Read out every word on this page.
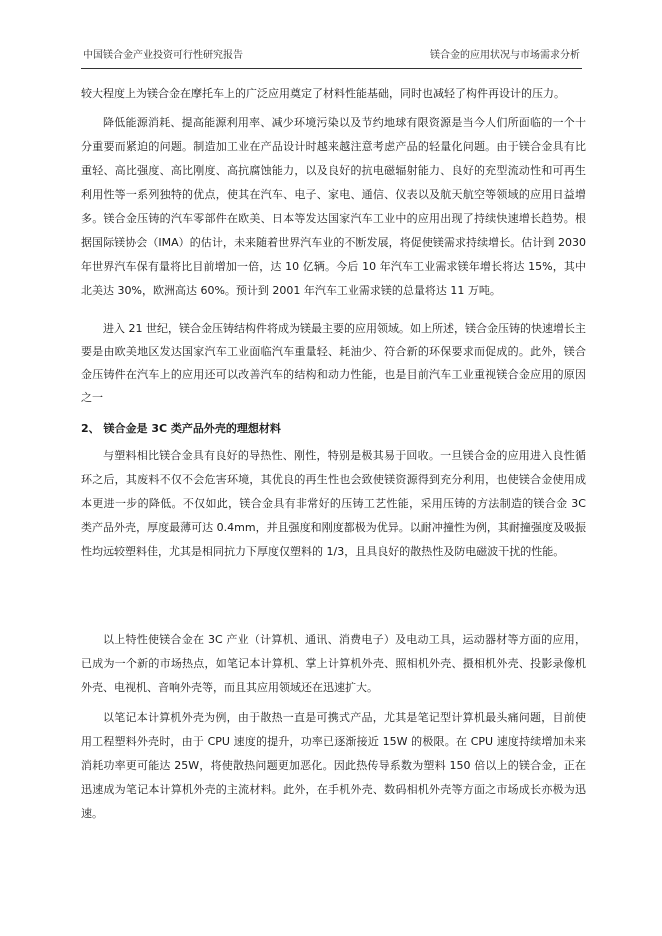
中国镁合金产业投资可行性研究报告	镁合金的应用状况与市场需求分析

较大程度上为镁合金在摩托车上的广泛应用奠定了材料性能基础，同时也减轻了构件再设计的压力。

降低能源消耗、提高能源利用率、减少环境污染以及节约地球有限资源是当今人们所面临的一个十分重要而紧迫的问题。制造加工业在产品设计时越来越注意考虑产品的轻量化问题。由于镁合金具有比重轻、高比强度、高比刚度、高抗腐蚀能力，以及良好的抗电磁辐射能力、良好的充型流动性和可再生利用性等一系列独特的优点，使其在汽车、电子、家电、通信、仪表以及航天航空等领域的应用日益增多。镁合金压铸的汽车零部件在欧美、日本等发达国家汽车工业中的应用出现了持续快速增长趋势。根据国际镁协会（IMA）的估计，未来随着世界汽车业的不断发展，将促使镁需求持续增长。估计到 2030 年世界汽车保有量将比目前增加一倍，达 10 亿辆。今后 10 年汽车工业需求镁年增长将达 15%，其中北美达 30%，欧洲高达 60%。预计到 2001 年汽车工业需求镁的总量将达 11 万吨。

进入 21 世纪，镁合金压铸结构件将成为镁最主要的应用领域。如上所述，镁合金压铸的快速增长主要是由欧美地区发达国家汽车工业面临汽车重量轻、耗油少、符合新的环保要求而促成的。此外，镁合金压铸件在汽车上的应用还可以改善汽车的结构和动力性能，也是目前汽车工业重视镁合金应用的原因之一

2、 镁合金是 3C 类产品外壳的理想材料

与塑料相比镁合金具有良好的导热性、刚性，特别是极其易于回收。一旦镁合金的应用进入良性循环之后，其废料不仅不会危害环境，其优良的再生性也会致使镁资源得到充分利用，也使镁合金使用成本更进一步的降低。不仅如此，镁合金具有非常好的压铸工艺性能，采用压铸的方法制造的镁合金 3C 类产品外壳，厚度最薄可达 0.4mm，并且强度和刚度都极为优异。以耐冲撞性为例，其耐撞强度及吸振性均远较塑料佳，尤其是相同抗力下厚度仅塑料的 1/3，且具良好的散热性及防电磁波干扰的性能。

以上特性使镁合金在 3C 产业（计算机、通讯、消费电子）及电动工具，运动器材等方面的应用，已成为一个新的市场热点，如笔记本计算机、掌上计算机外壳、照相机外壳、摄相机外壳、投影录像机外壳、电视机、音响外壳等，而且其应用领域还在迅速扩大。

以笔记本计算机外壳为例，由于散热一直是可携式产品，尤其是笔记型计算机最头痛问题，目前使用工程塑料外壳时，由于 CPU 速度的提升，功率已逐渐接近 15W 的极限。在 CPU 速度持续增加未来消耗功率更可能达 25W，将使散热问题更加恶化。因此热传导系数为塑料 150 倍以上的镁合金，正在迅速成为笔记本计算机外壳的主流材料。此外，在手机外壳、数码相机外壳等方面之市场成长亦极为迅速。
